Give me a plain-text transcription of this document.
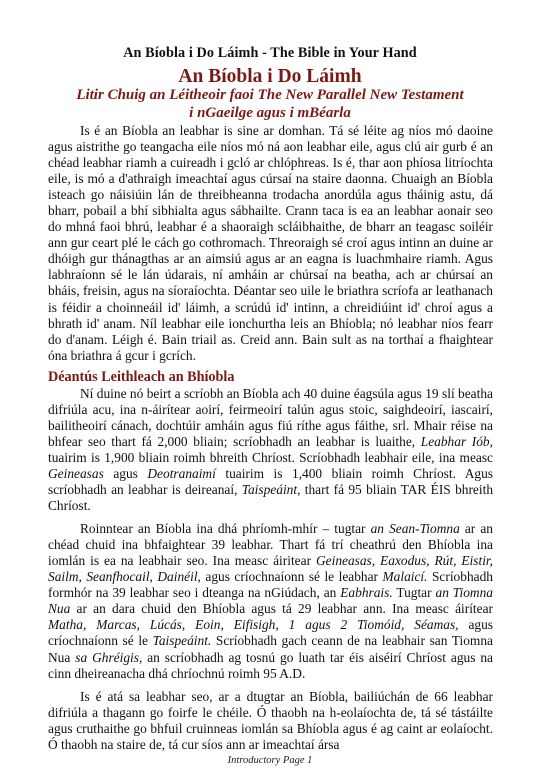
An Bíobla i Do Láimh - The Bible in Your Hand
An Bíobla i Do Láimh
Litir Chuig an Léitheoir faoi The New Parallel New Testament
i nGaeilge agus i mBéarla

Is é an Bíobla an leabhar is sine ar domhan. Tá sé léite ag níos mó daoine agus aistrithe go teangacha eile níos mó ná aon leabhar eile, agus clú air gurb é an chéad leabhar riamh a cuireadh i gcló ar chlóphreas. Is é, thar aon phíosa litríochta eile, is mó a d'athraigh imeachtaí agus cúrsaí na staire daonna. Chuaigh an Bíobla isteach go náisiúin lán de threibheanna trodacha anordúla agus tháinig astu, dá bharr, pobail a bhí sibhialta agus sábhailte. Crann taca is ea an leabhar aonair seo do mhná faoi bhrú, leabhar é a shaoraigh scláibhaithe, de bharr an teagasc soiléir ann gur ceart plé le cách go cothromach. Threoraigh sé croí agus intinn an duine ar dhóigh gur thánagthas ar an aimsiú agus ar an eagna is luachmhaire riamh. Agus labhraíonn sé le lán údarais, ní amháin ar chúrsaí na beatha, ach ar chúrsaí an bháis, freisin, agus na síoraíochta. Déantar seo uile le briathra scríofa ar leathanach is féidir a choinneáil id' láimh, a scrúdú id' intinn, a chreidiúint id' chroí agus a bhrath id' anam. Níl leabhar eile ionchurtha leis an Bhíobla; nó leabhar níos fearr do d'anam. Léigh é. Bain triail as. Creid ann. Bain sult as na torthaí a fhaightear óna briathra á gcur i gcrích.

Déantús Leithleach an Bhíobla

Ní duine nó beirt a scríobh an Bíobla ach 40 duine éagsúla agus 19 slí beatha difriúla acu, ina n-áirítear aoirí, feirmeoirí talún agus stoic, saighdeoirí, iascairí, bailitheoirí cánach, dochtúir amháin agus fiú ríthe agus fáithe, srl. Mhair réise na bhfear seo thart fá 2,000 bliain; scríobhadh an leabhar is luaithe, Leabhar Iób, tuairim is 1,900 bliain roimh bhreith Chríost. Scríobhadh leabhair eile, ina measc Geineasas agus Deotranaimí tuairim is 1,400 bliain roimh Chríost. Agus scríobhadh an leabhar is deireanaí, Taispeáint, thart fá 95 bliain TAR ÉIS bhreith Chríost.

Roinntear an Bíobla ina dhá phríomh-mhír – tugtar an Sean-Tiomna ar an chéad chuid ina bhfaightear 39 leabhar. Thart fá trí cheathrú den Bhíobla ina iomlán is ea na leabhair seo. Ina measc áiritear Geineasas, Eaxodus, Rút, Eistir, Sailm, Seanfhocail, Dainéil, agus críochnaíonn sé le leabhar Malaicí. Scríobhadh formhór na 39 leabhar seo i dteanga na nGiúdach, an Eabhrais. Tugtar an Tiomna Nua ar an dara chuid den Bhíobla agus tá 29 leabhar ann. Ina measc áirítear Matha, Marcas, Lúcás, Eoin, Eifisigh, 1 agus 2 Tiomóid, Séamas, agus críochnaíonn sé le Taispeáint. Scríobhadh gach ceann de na leabhair san Tiomna Nua sa Ghréigis, an scríobhadh ag tosnú go luath tar éis aiséirí Chríost agus na cinn dheireanacha dhá chríochnú roimh 95 A.D.

Is é atá sa leabhar seo, ar a dtugtar an Bíobla, bailiúchán de 66 leabhar difriúla a thagann go foirfe le chéile. Ó thaobh na h-eolaíochta de, tá sé tástáilte agus cruthaithe go bhfuil cruinneas iomlán sa Bhíobla agus é ag caint ar eolaíocht. Ó thaobh na staire de, tá cur síos ann ar imeachtaí ársa

Introductory Page 1
